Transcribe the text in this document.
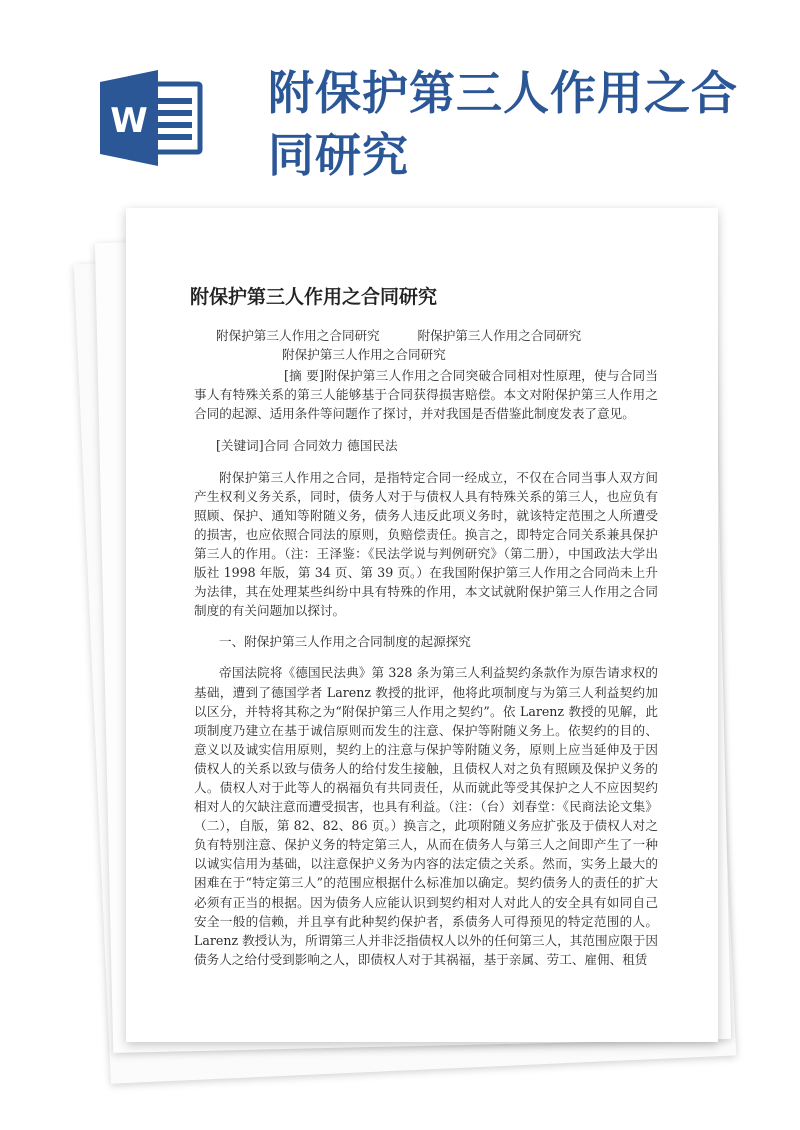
W
附保护第三人作用之合同研究
附保护第三人作用之合同研究

附保护第三人作用之合同研究　　　附保护第三人作用之合同研究

附保护第三人作用之合同研究

[摘 要]附保护第三人作用之合同突破合同相对性原理，使与合同当事人有特殊关系的第三人能够基于合同获得损害赔偿。本文对附保护第三人作用之合同的起源、适用条件等问题作了探讨，并对我国是否借鉴此制度发表了意见。

[关键词]合同 合同效力 德国民法

附保护第三人作用之合同，是指特定合同一经成立，不仅在合同当事人双方间产生权利义务关系，同时，债务人对于与债权人具有特殊关系的第三人，也应负有照顾、保护、通知等附随义务，债务人违反此项义务时，就该特定范围之人所遭受的损害，也应依照合同法的原则，负赔偿责任。换言之，即特定合同关系兼具保护第三人的作用。（注：王泽鉴：《民法学说与判例研究》（第二册），中国政法大学出版社 1998 年版，第 34 页、第 39 页。）在我国附保护第三人作用之合同尚未上升为法律，其在处理某些纠纷中具有特殊的作用，本文试就附保护第三人作用之合同制度的有关问题加以探讨。

一、附保护第三人作用之合同制度的起源探究

帝国法院将《德国民法典》第 328 条为第三人利益契约条款作为原告请求权的基础，遭到了德国学者 Larenz 教授的批评，他将此项制度与为第三人利益契约加以区分，并特将其称之为“附保护第三人作用之契约”。依 Larenz 教授的见解，此项制度乃建立在基于诚信原则而发生的注意、保护等附随义务上。依契约的目的、意义以及诚实信用原则，契约上的注意与保护等附随义务，原则上应当延伸及于因债权人的关系以致与债务人的给付发生接触，且债权人对之负有照顾及保护义务的人。债权人对于此等人的祸福负有共同责任，从而就此等受其保护之人不应因契约相对人的欠缺注意而遭受损害，也具有利益。（注：（台）刘春堂：《民商法论文集》（二），自版，第 82、82、86 页。）换言之，此项附随义务应扩张及于债权人对之负有特别注意、保护义务的特定第三人，从而在债务人与第三人之间即产生了一种以诚实信用为基础，以注意保护义务为内容的法定债之关系。然而，实务上最大的困难在于“特定第三人”的范围应根据什么标准加以确定。契约债务人的责任的扩大必须有正当的根据。因为债务人应能认识到契约相对人对此人的安全具有如同自己安全一般的信赖，并且享有此种契约保护者，系债务人可得预见的特定范围的人。Larenz 教授认为，所谓第三人并非泛指债权人以外的任何第三人，其范围应限于因债务人之给付受到影响之人，即债权人对于其祸福，基于亲属、劳工、雇佣、租赁
